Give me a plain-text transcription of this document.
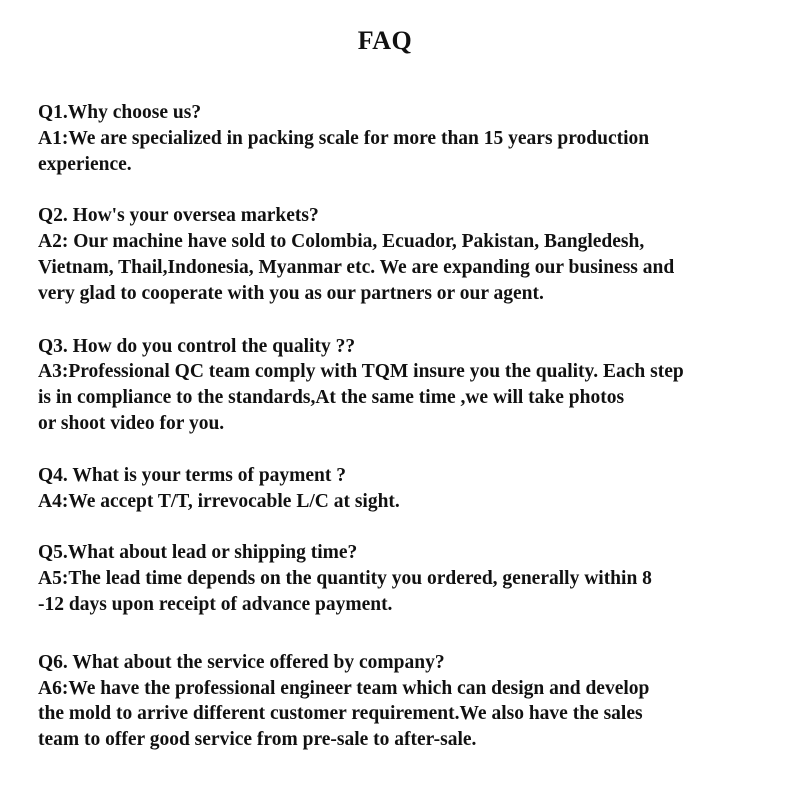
FAQ
Q1.Why choose us?
A1:We are specialized in packing scale for more than 15 years production
experience.
Q2. How's your oversea markets?
A2: Our machine have sold to Colombia, Ecuador, Pakistan, Bangledesh,
Vietnam, Thail,Indonesia, Myanmar etc. We are expanding our business and
very glad to cooperate with you as our partners or our agent.
Q3. How do you control the quality ??
A3:Professional QC team comply with TQM insure you the quality. Each step
is in compliance to the standards,At the same time ,we will take photos
or shoot video for you.
Q4. What is your terms of payment ?
A4:We accept T/T, irrevocable L/C at sight.
Q5.What about lead or shipping time?
A5:The lead time depends on the quantity you ordered, generally within 8
-12 days upon receipt of advance payment.
Q6. What about the service offered by company?
A6:We have the professional engineer team which can design and develop
the mold to arrive different customer requirement.We also have the sales
team to offer good service from pre-sale to after-sale.
